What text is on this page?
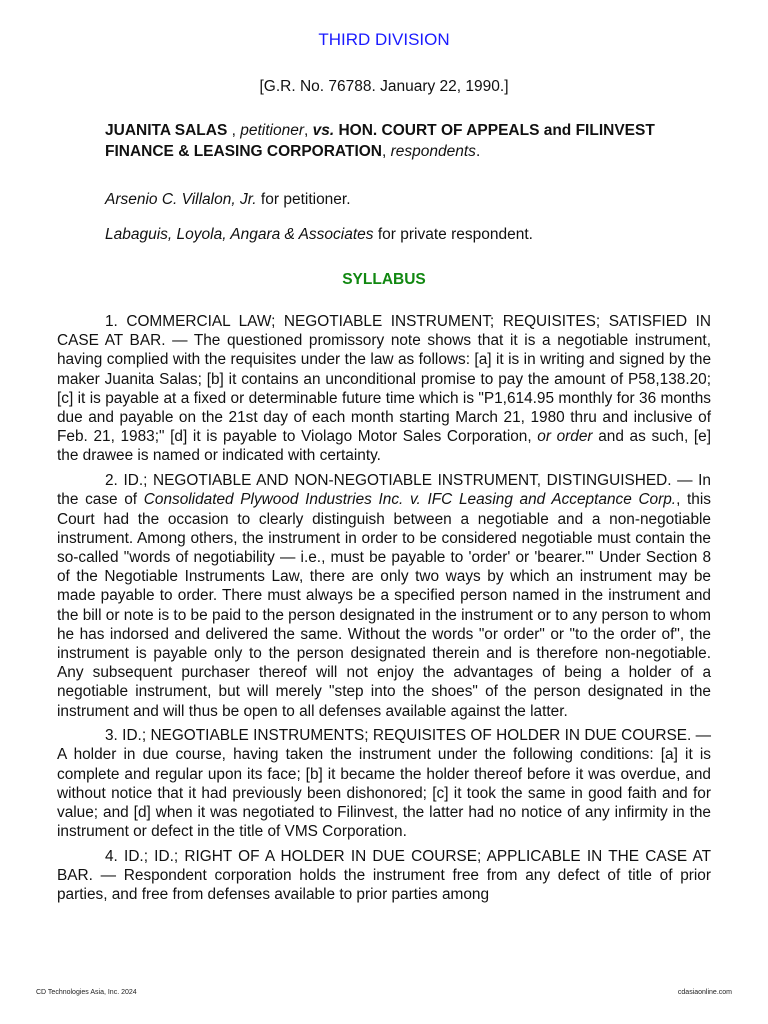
THIRD DIVISION
[G.R. No. 76788. January 22, 1990.]
JUANITA SALAS , petitioner, vs. HON. COURT OF APPEALS and FILINVEST FINANCE & LEASING CORPORATION, respondents.
Arsenio C. Villalon, Jr. for petitioner.
Labaguis, Loyola, Angara & Associates for private respondent.
SYLLABUS

1. COMMERCIAL LAW; NEGOTIABLE INSTRUMENT; REQUISITES; SATISFIED IN CASE AT BAR. — The questioned promissory note shows that it is a negotiable instrument, having complied with the requisites under the law as follows: [a] it is in writing and signed by the maker Juanita Salas; [b] it contains an unconditional promise to pay the amount of P58,138.20; [c] it is payable at a fixed or determinable future time which is "P1,614.95 monthly for 36 months due and payable on the 21st day of each month starting March 21, 1980 thru and inclusive of Feb. 21, 1983;" [d] it is payable to Violago Motor Sales Corporation, or order and as such, [e] the drawee is named or indicated with certainty.

2. ID.; NEGOTIABLE AND NON-NEGOTIABLE INSTRUMENT, DISTINGUISHED. — In the case of Consolidated Plywood Industries Inc. v. IFC Leasing and Acceptance Corp., this Court had the occasion to clearly distinguish between a negotiable and a non-negotiable instrument. Among others, the instrument in order to be considered negotiable must contain the so-called "words of negotiability — i.e., must be payable to 'order' or 'bearer.'" Under Section 8 of the Negotiable Instruments Law, there are only two ways by which an instrument may be made payable to order. There must always be a specified person named in the instrument and the bill or note is to be paid to the person designated in the instrument or to any person to whom he has indorsed and delivered the same. Without the words "or order" or "to the order of", the instrument is payable only to the person designated therein and is therefore non-negotiable. Any subsequent purchaser thereof will not enjoy the advantages of being a holder of a negotiable instrument, but will merely "step into the shoes" of the person designated in the instrument and will thus be open to all defenses available against the latter.

3. ID.; NEGOTIABLE INSTRUMENTS; REQUISITES OF HOLDER IN DUE COURSE. — A holder in due course, having taken the instrument under the following conditions: [a] it is complete and regular upon its face; [b] it became the holder thereof before it was overdue, and without notice that it had previously been dishonored; [c] it took the same in good faith and for value; and [d] when it was negotiated to Filinvest, the latter had no notice of any infirmity in the instrument or defect in the title of VMS Corporation.

4. ID.; ID.; RIGHT OF A HOLDER IN DUE COURSE; APPLICABLE IN THE CASE AT BAR. — Respondent corporation holds the instrument free from any defect of title of prior parties, and free from defenses available to prior parties among

CD Technologies Asia, Inc. 2024	cdasiaonline.com
